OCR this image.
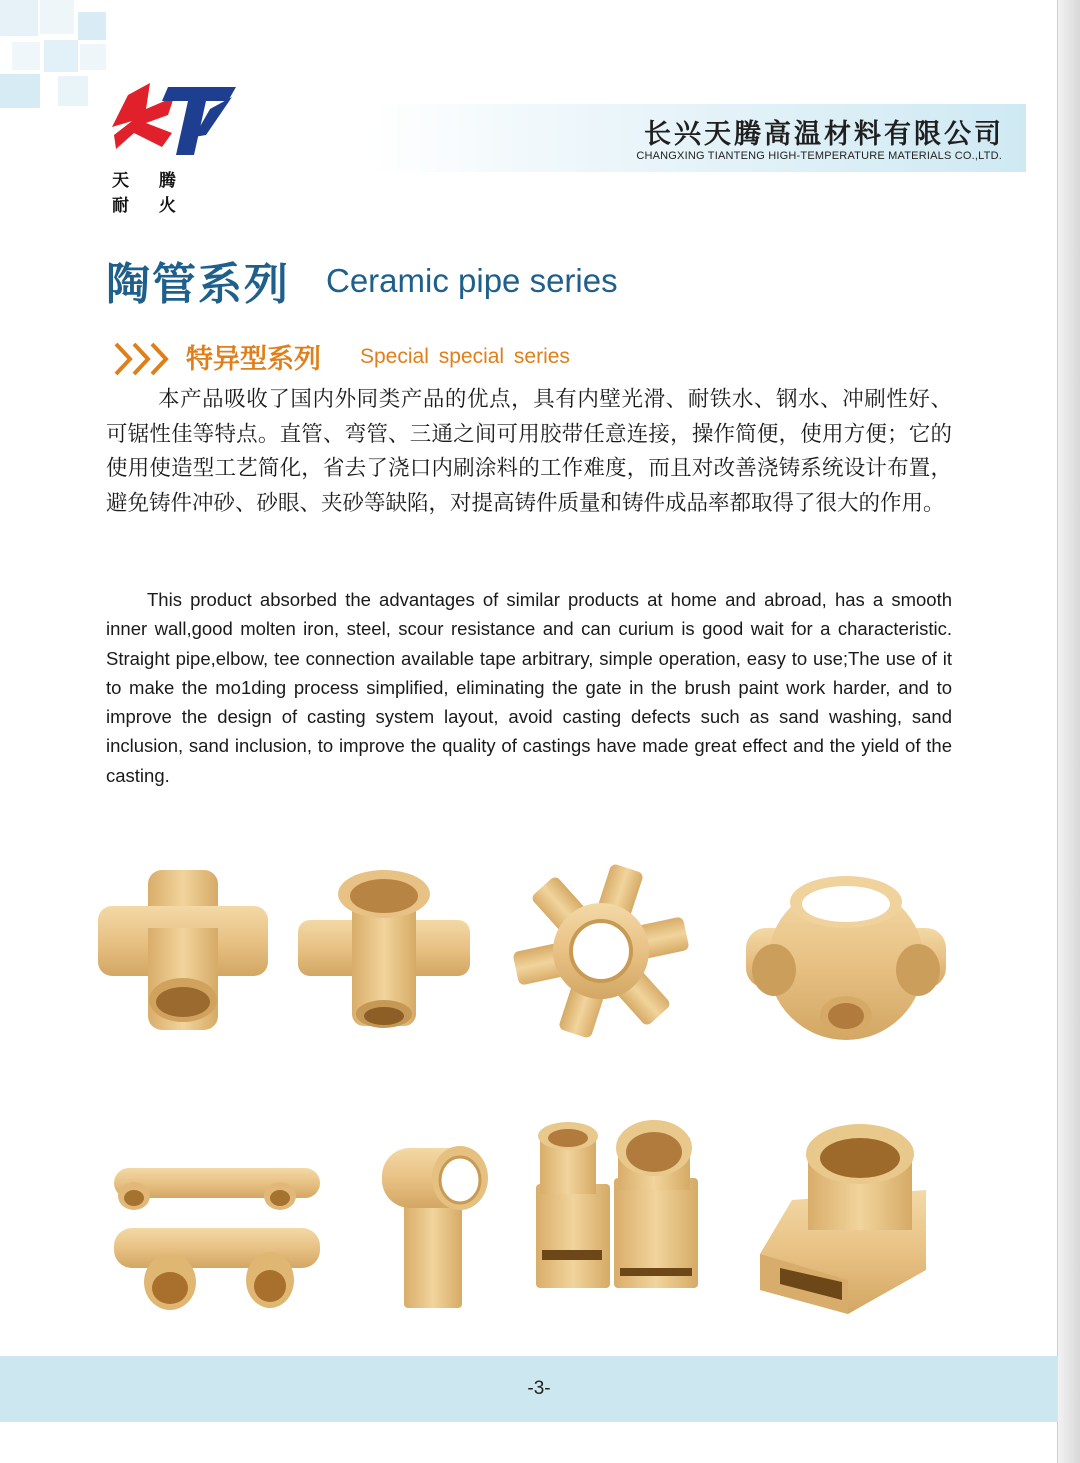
天 腾 耐 火
长兴天腾高温材料有限公司
CHANGXING TIANTENG HIGH-TEMPERATURE MATERIALS CO.,LTD.
陶管系列 Ceramic pipe series
特异型系列 Special special series

本产品吸收了国内外同类产品的优点，具有内壁光滑、耐铁水、钢水、冲刷性好、可锯性佳等特点。直管、弯管、三通之间可用胶带任意连接，操作简便，使用方便；它的使用使造型工艺简化，省去了浇口内刷涂料的工作难度，而且对改善浇铸系统设计布置，避免铸件冲砂、砂眼、夹砂等缺陷，对提高铸件质量和铸件成品率都取得了很大的作用。

This product absorbed the advantages of similar products at home and abroad, has a smooth inner wall,good molten iron, steel, scour resistance and can curium is good wait for a characteristic. Straight pipe,elbow, tee connection available tape arbitrary, simple operation, easy to use;The use of it to make the mo1ding process simplified, eliminating the gate in the brush paint work harder, and to improve the design of casting system layout, avoid casting defects such as sand washing, sand inclusion, sand inclusion, to improve the quality of castings have made great effect and the yield of the casting.

-3-
